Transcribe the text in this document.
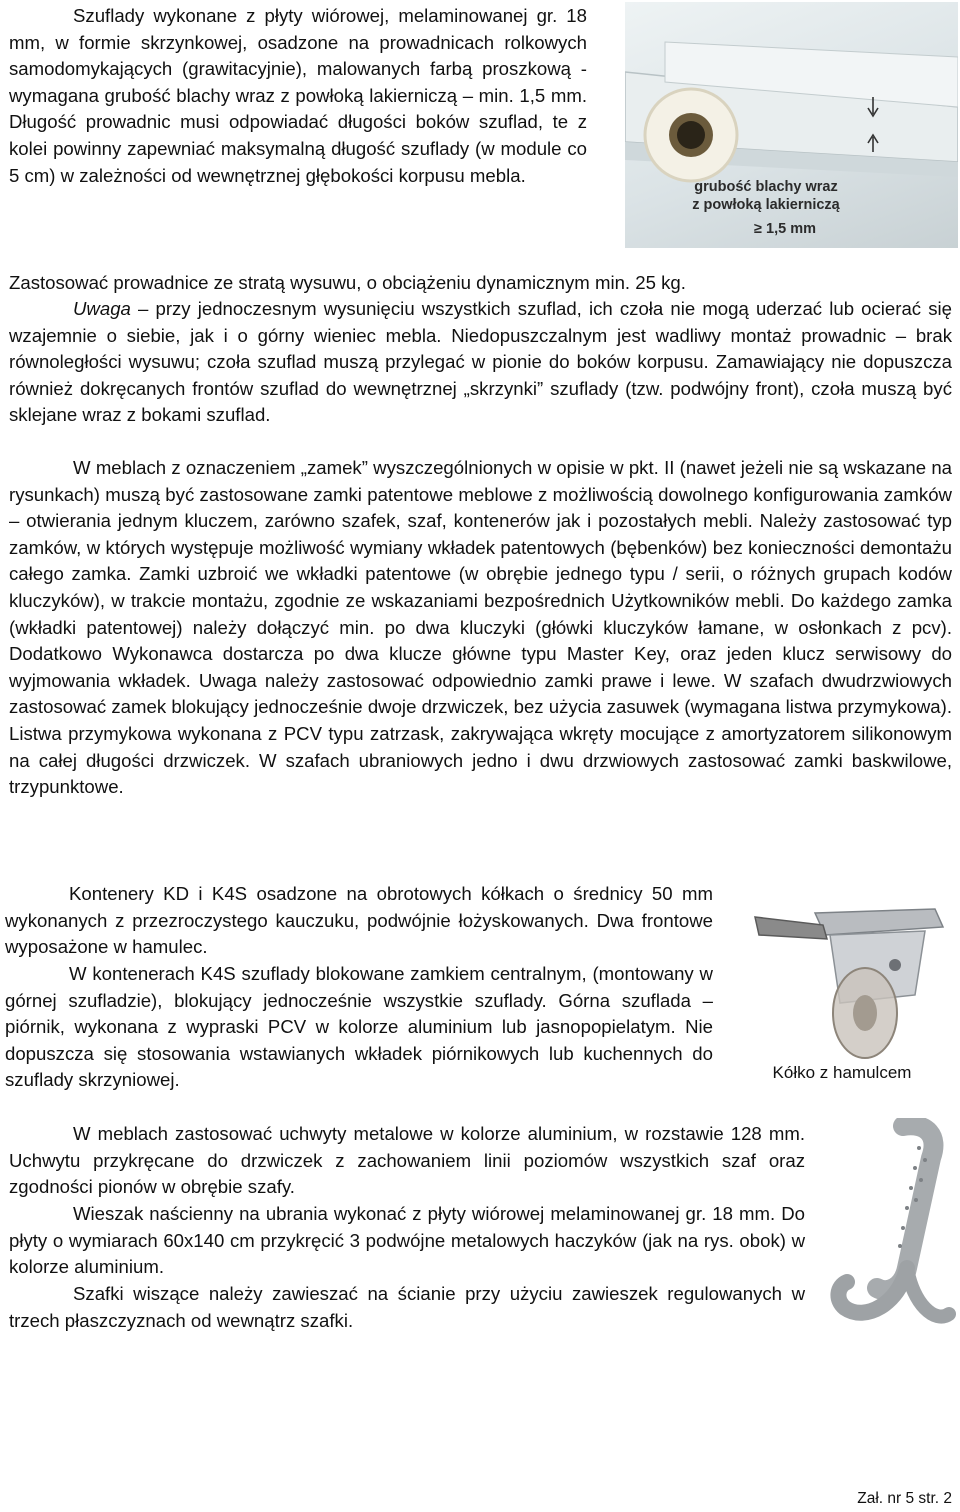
Szuflady wykonane z płyty wiórowej, melaminowanej gr. 18 mm, w formie skrzynkowej, osadzone na prowadnicach rolkowych samodomykających (grawitacyjnie), malowanych farbą proszkową - wymagana grubość blachy wraz z powłoką lakierniczą – min. 1,5 mm. Długość prowadnic musi odpowiadać długości boków szuflad, te z kolei powinny zapewniać maksymalną długość szuflady (w module co 5 cm) w zależności od wewnętrznej głębokości korpusu mebla.

Zastosować prowadnice ze stratą wysuwu, o obciążeniu dynamicznym min. 25 kg.

Uwaga – przy jednoczesnym wysunięciu wszystkich szuflad, ich czoła nie mogą uderzać lub ocierać się wzajemnie o siebie, jak i o górny wieniec mebla. Niedopuszczalnym jest wadliwy montaż prowadnic – brak równoległości wysuwu; czoła szuflad muszą przylegać w pionie do boków korpusu. Zamawiający nie dopuszcza również dokręcanych frontów szuflad do wewnętrznej „skrzynki” szuflady (tzw. podwójny front), czoła muszą być sklejane wraz z bokami szuflad.

W meblach z oznaczeniem „zamek” wyszczególnionych w opisie w pkt. II (nawet jeżeli nie są wskazane na rysunkach) muszą być zastosowane zamki patentowe meblowe z możliwością dowolnego konfigurowania zamków – otwierania jednym kluczem, zarówno szafek, szaf, kontenerów jak i pozostałych mebli. Należy zastosować typ zamków, w których występuje możliwość wymiany wkładek patentowych (bębenków) bez konieczności demontażu całego zamka. Zamki uzbroić we wkładki patentowe (w obrębie jednego typu / serii, o różnych grupach kodów kluczyków), w trakcie montażu, zgodnie ze wskazaniami bezpośrednich Użytkowników mebli. Do każdego zamka (wkładki patentowej) należy dołączyć min. po dwa kluczyki (główki kluczyków łamane, w osłonkach z pcv). Dodatkowo Wykonawca dostarcza po dwa klucze główne typu Master Key, oraz jeden klucz serwisowy do wyjmowania wkładek. Uwaga należy zastosować odpowiednio zamki prawe i lewe. W szafach dwudrzwiowych zastosować zamek blokujący jednocześnie dwoje drzwiczek, bez użycia zasuwek (wymagana listwa przymykowa). Listwa przymykowa wykonana z PCV typu zatrzask, zakrywająca wkręty mocujące z amortyzatorem silikonowym na całej długości drzwiczek. W szafach ubraniowych jedno i dwu drzwiowych zastosować zamki baskwilowe, trzypunktowe.

Kontenery KD i K4S osadzone na obrotowych kółkach o średnicy 50 mm wykonanych z przezroczystego kauczuku, podwójnie łożyskowanych. Dwa frontowe wyposażone w hamulec.

W kontenerach K4S szuflady blokowane zamkiem centralnym, (montowany w górnej szufladzie), blokujący jednocześnie wszystkie szuflady. Górna szuflada – piórnik, wykonana z wypraski PCV w kolorze aluminium lub jasnopopielatym. Nie dopuszcza się stosowania wstawianych wkładek piórnikowych lub kuchennych do szuflady skrzyniowej.

W meblach zastosować uchwyty metalowe w kolorze aluminium, w rozstawie 128 mm. Uchwytu przykręcane do drzwiczek z zachowaniem linii poziomów wszystkich szaf oraz zgodności pionów w obrębie szafy.

Wieszak naścienny na ubrania wykonać z płyty wiórowej melaminowanej gr. 18 mm. Do płyty o wymiarach 60x140 cm przykręcić 3 podwójne metalowych haczyków (jak na rys. obok) w kolorze aluminium.

Szafki wiszące należy zawieszać na ścianie przy użyciu zawieszek regulowanych w trzech płaszczyznach od wewnątrz szafki.

grubość blachy wraz
z powłoką lakierniczą
≥ 1,5 mm
Kółko z hamulcem
Zał. nr 5 str. 2
